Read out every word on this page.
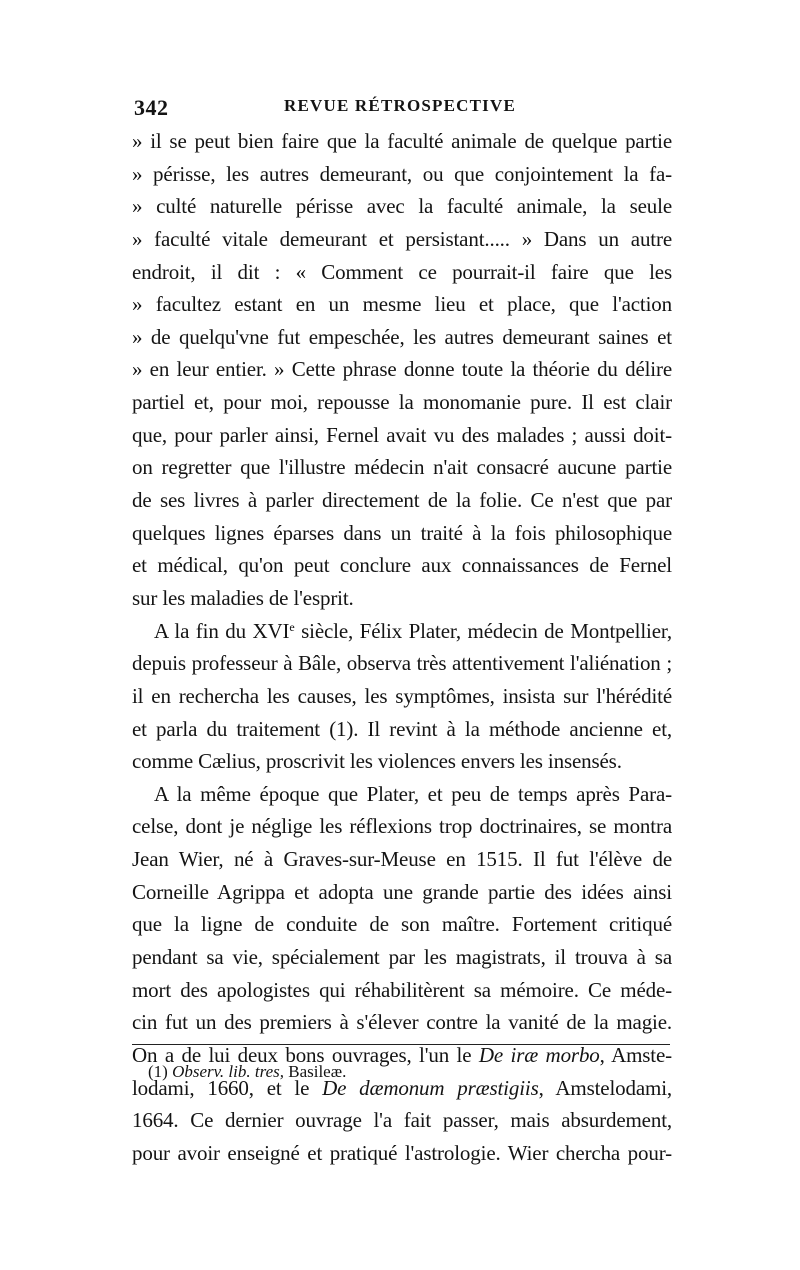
342	REVUE RÉTROSPECTIVE
» il se peut bien faire que la faculté animale de quelque partie
» périsse, les autres demeurant, ou que conjointement la fa-
» culté naturelle périsse avec la faculté animale, la seule
» faculté vitale demeurant et persistant..... » Dans un autre
endroit, il dit : « Comment ce pourrait-il faire que les
» facultez estant en un mesme lieu et place, que l'action
» de quelqu'vne fut empeschée, les autres demeurant saines et
» en leur entier. » Cette phrase donne toute la théorie du délire
partiel et, pour moi, repousse la monomanie pure. Il est clair
que, pour parler ainsi, Fernel avait vu des malades ; aussi doit-
on regretter que l'illustre médecin n'ait consacré aucune partie
de ses livres à parler directement de la folie. Ce n'est que par
quelques lignes éparses dans un traité à la fois philosophique
et médical, qu'on peut conclure aux connaissances de Fernel
sur les maladies de l'esprit.
A la fin du XVIe siècle, Félix Plater, médecin de Montpellier,
depuis professeur à Bâle, observa très attentivement l'aliénation ;
il en rechercha les causes, les symptômes, insista sur l'hérédité
et parla du traitement (1). Il revint à la méthode ancienne et,
comme Cælius, proscrivit les violences envers les insensés.
A la même époque que Plater, et peu de temps après Para-
celse, dont je néglige les réflexions trop doctrinaires, se montra
Jean Wier, né à Graves-sur-Meuse en 1515. Il fut l'élève de
Corneille Agrippa et adopta une grande partie des idées ainsi
que la ligne de conduite de son maître. Fortement critiqué
pendant sa vie, spécialement par les magistrats, il trouva à sa
mort des apologistes qui réhabilitèrent sa mémoire. Ce méde-
cin fut un des premiers à s'élever contre la vanité de la magie.
On a de lui deux bons ouvrages, l'un le De iræ morbo, Amste-
lodami, 1660, et le De dæmonum præstigiis, Amstelodami,
1664. Ce dernier ouvrage l'a fait passer, mais absurdement,
pour avoir enseigné et pratiqué l'astrologie. Wier chercha pour-
(1) Observ. lib. tres, Basileæ.
